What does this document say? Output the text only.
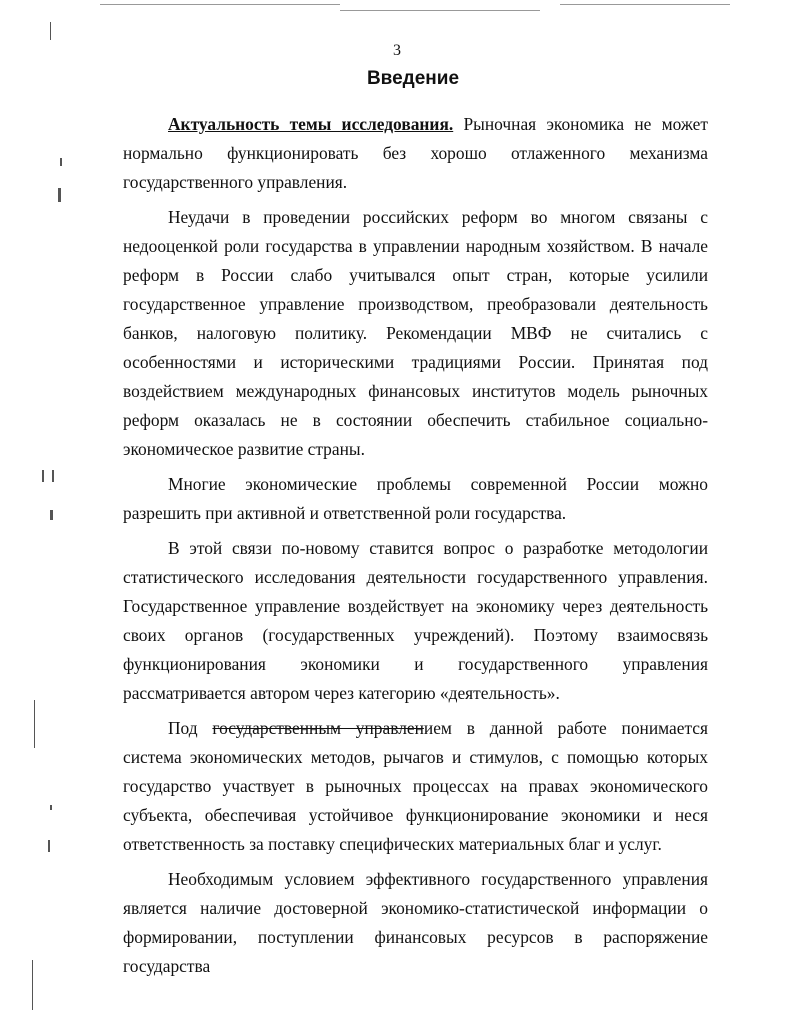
3
Введение

Актуальность темы исследования. Рыночная экономика не может нормально функционировать без хорошо отлаженного механизма государственного управления.

Неудачи в проведении российских реформ во многом связаны с недооценкой роли государства в управлении народным хозяйством. В начале реформ в России слабо учитывался опыт стран, которые усилили государственное управление производством, преобразовали деятельность банков, налоговую политику. Рекомендации МВФ не считались с особенностями и историческими традициями России. Принятая под воздействием международных финансовых институтов модель рыночных реформ оказалась не в состоянии обеспечить стабильное социально-экономическое развитие страны.

Многие экономические проблемы современной России можно разрешить при активной и ответственной роли государства.

В этой связи по-новому ставится вопрос о разработке методологии статистического исследования деятельности государственного управления. Государственное управление воздействует на экономику через деятельность своих органов (государственных учреждений). Поэтому взаимосвязь функционирования экономики и государственного управления рассматривается автором через категорию «деятельность».

Под государственным управлением в данной работе понимается система экономических методов, рычагов и стимулов, с помощью которых государство участвует в рыночных процессах на правах экономического субъекта, обеспечивая устойчивое функционирование экономики и неся ответственность за поставку специфических материальных благ и услуг.

Необходимым условием эффективного государственного управления является наличие достоверной экономико-статистической информации о формировании, поступлении финансовых ресурсов в распоряжение государства
